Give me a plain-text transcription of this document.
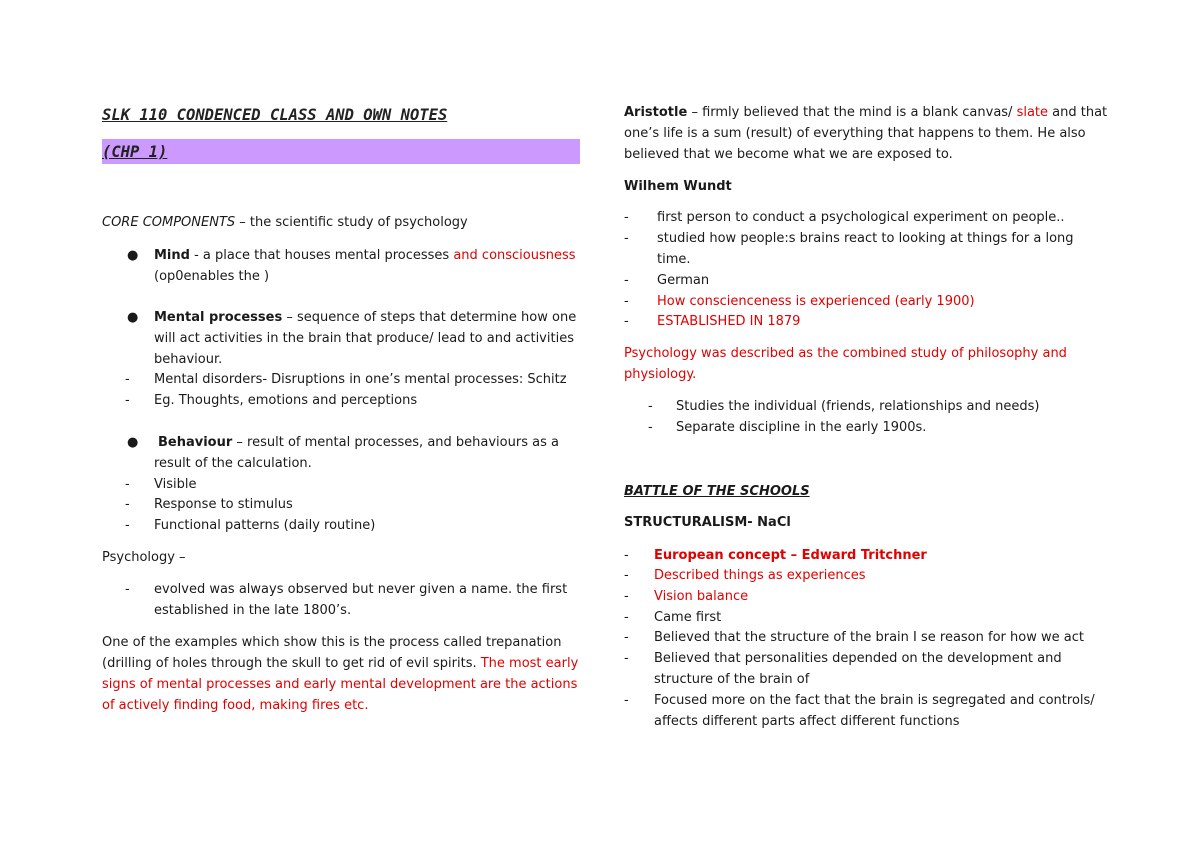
SLK 110 CONDENCED CLASS AND OWN NOTES
(CHP 1)
CORE COMPONENTS – the scientific study of psychology
● Mind - a place that houses mental processes and consciousness
(op0enables the )
● Mental processes – sequence of steps that determine how one
will act activities in the brain that produce/ lead to and activities
behaviour.
- Mental disorders- Disruptions in one’s mental processes: Schitz
- Eg. Thoughts, emotions and perceptions
● Behaviour – result of mental processes, and behaviours as a
result of the calculation.
- Visible
- Response to stimulus
- Functional patterns (daily routine)
Psychology –
- evolved was always observed but never given a name. the first
established in the late 1800’s.
One of the examples which show this is the process called trepanation
(drilling of holes through the skull to get rid of evil spirits. The most early
signs of mental processes and early mental development are the actions
of actively finding food, making fires etc.
Aristotle – firmly believed that the mind is a blank canvas/ slate and that
one’s life is a sum (result) of everything that happens to them. He also
believed that we become what we are exposed to.
Wilhem Wundt
- first person to conduct a psychological experiment on people..
- studied how people:s brains react to looking at things for a long
time.
- German
- How conscienceness is experienced (early 1900)
- ESTABLISHED IN 1879
Psychology was described as the combined study of philosophy and
physiology.
- Studies the individual (friends, relationships and needs)
- Separate discipline in the early 1900s.
BATTLE OF THE SCHOOLS
STRUCTURALISM- NaCl
- European concept – Edward Tritchner
- Described things as experiences
- Vision balance
- Came first
- Believed that the structure of the brain I se reason for how we act
- Believed that personalities depended on the development and
structure of the brain of
- Focused more on the fact that the brain is segregated and controls/
affects different parts affect different functions
